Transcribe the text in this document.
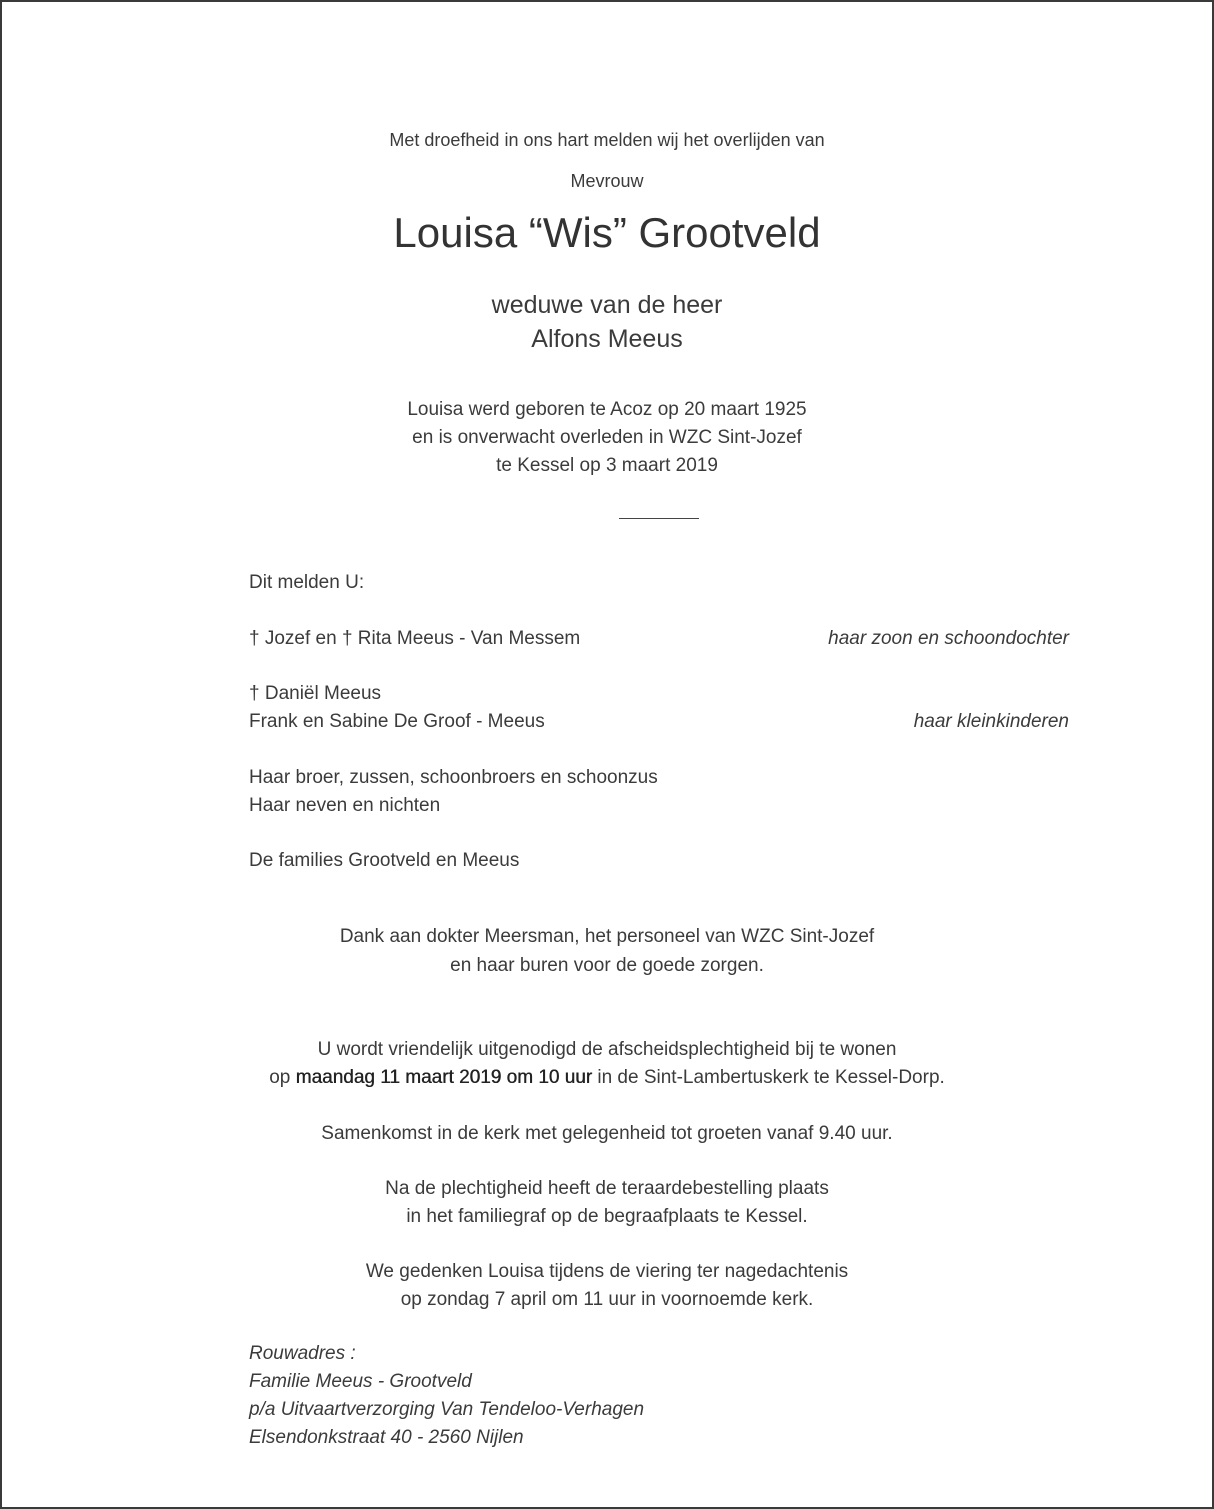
Met droefheid in ons hart melden wij het overlijden van
Mevrouw
Louisa “Wis” Grootveld
weduwe van de heer
Alfons Meeus
Louisa werd geboren te Acoz op 20 maart 1925
en is onverwacht overleden in WZC Sint-Jozef
te Kessel op 3 maart 2019
Dit melden U:
† Jozef en † Rita Meeus - Van Messem	haar zoon en schoondochter
† Daniël Meeus
Frank en Sabine De Groof - Meeus	haar kleinkinderen
Haar broer, zussen, schoonbroers en schoonzus
Haar neven en nichten
De families Grootveld en Meeus
Dank aan dokter Meersman, het personeel van WZC Sint-Jozef
en haar buren voor de goede zorgen.
U wordt vriendelijk uitgenodigd de afscheidsplechtigheid bij te wonen
op maandag 11 maart 2019 om 10 uur in de Sint-Lambertuskerk te Kessel-Dorp.
Samenkomst in de kerk met gelegenheid tot groeten vanaf 9.40 uur.
Na de plechtigheid heeft de teraardebestelling plaats
in het familiegraf op de begraafplaats te Kessel.
We gedenken Louisa tijdens de viering ter nagedachtenis
op zondag 7 april om 11 uur in voornoemde kerk.
Rouwadres :
Familie Meeus - Grootveld
p/a Uitvaartverzorging Van Tendeloo-Verhagen
Elsendonkstraat 40 - 2560 Nijlen
